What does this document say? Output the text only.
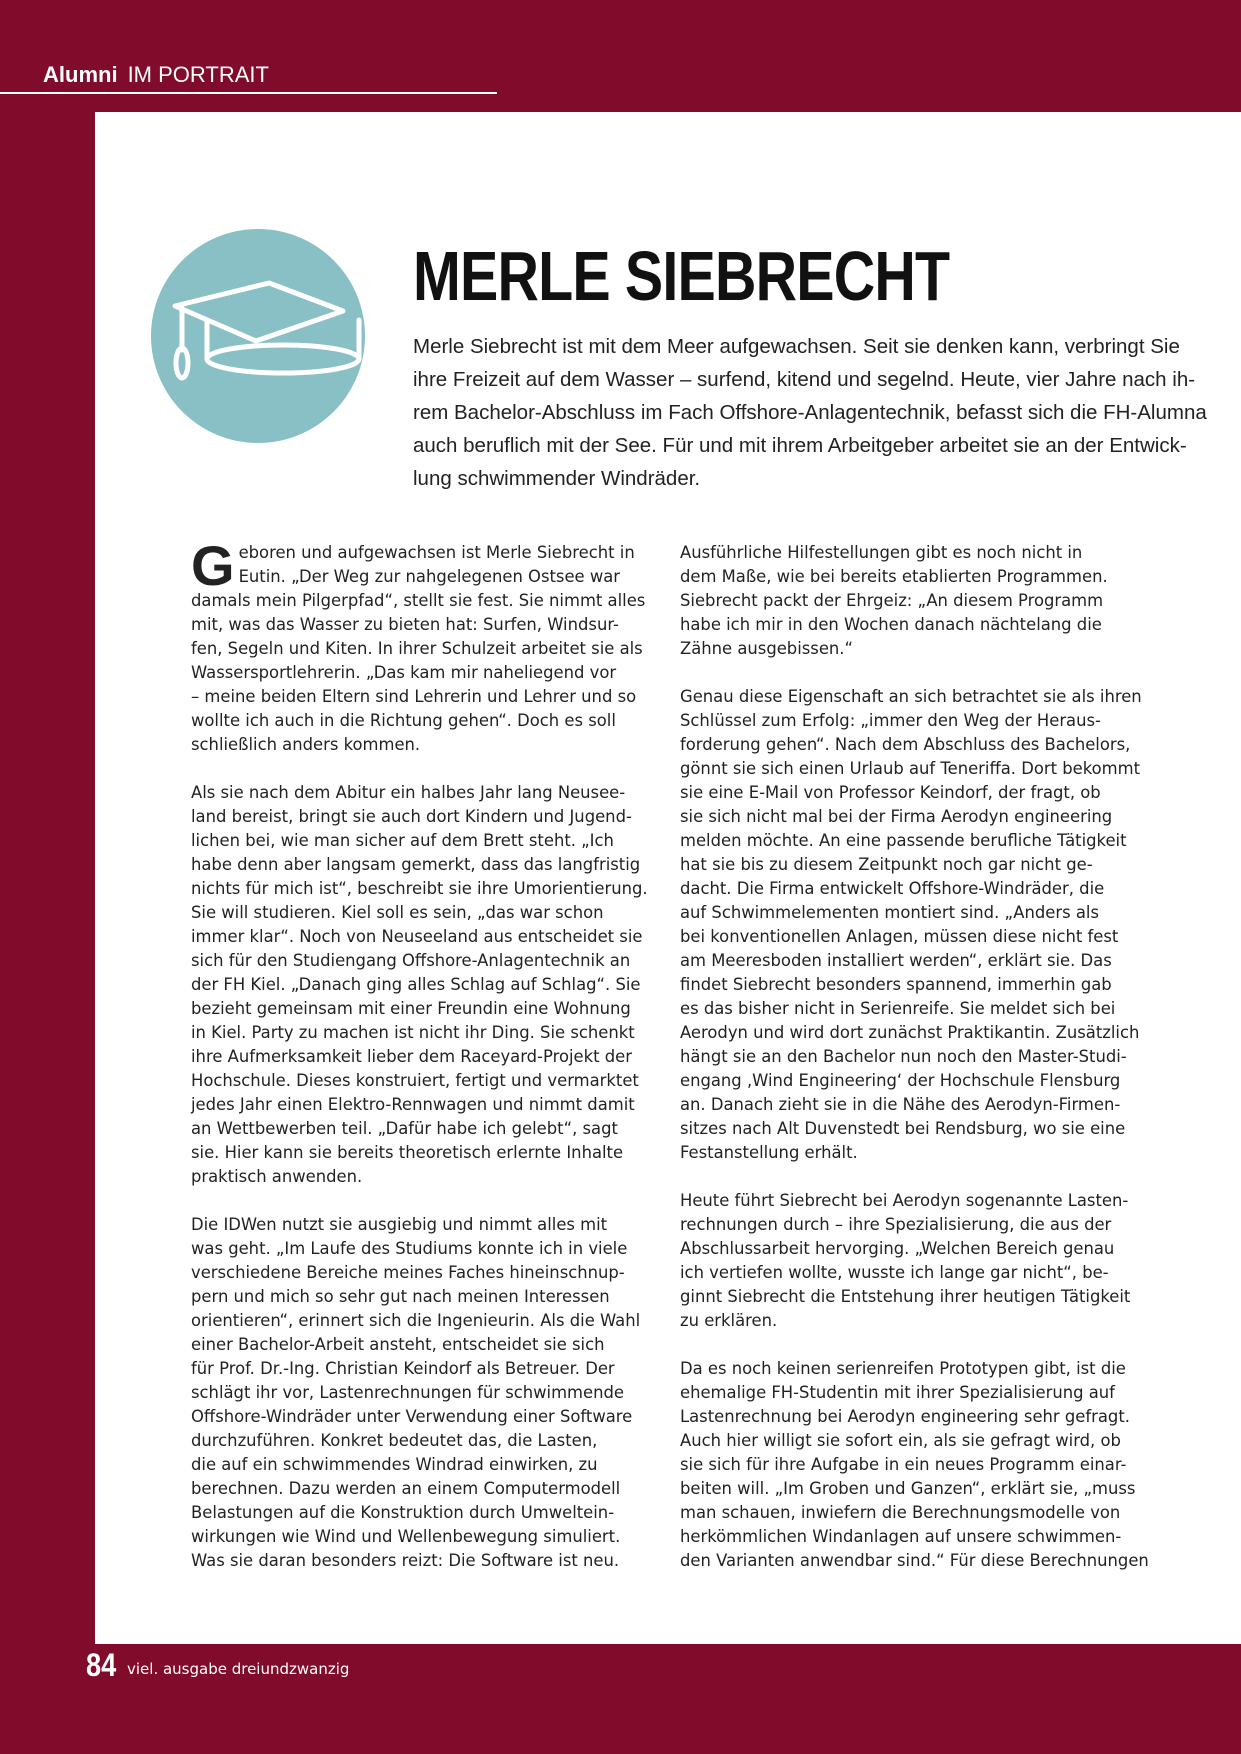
Alumni IM PORTRAIT
MERLE SIEBRECHT

Merle Siebrecht ist mit dem Meer aufgewachsen. Seit sie denken kann, verbringt Sie
ihre Freizeit auf dem Wasser – surfend, kitend und segelnd. Heute, vier Jahre nach ih-
rem Bachelor-Abschluss im Fach Offshore-Anlagentechnik, befasst sich die FH-Alumna
auch beruflich mit der See. Für und mit ihrem Arbeitgeber arbeitet sie an der Entwick-
lung schwimmender Windräder.

G eboren und aufgewachsen ist Merle Siebrecht in
Eutin. „Der Weg zur nahgelegenen Ostsee war
damals mein Pilgerpfad“, stellt sie fest. Sie nimmt alles
mit, was das Wasser zu bieten hat: Surfen, Windsur-
fen, Segeln und Kiten. In ihrer Schulzeit arbeitet sie als
Wassersportlehrerin. „Das kam mir naheliegend vor
– meine beiden Eltern sind Lehrerin und Lehrer und so
wollte ich auch in die Richtung gehen“. Doch es soll
schließlich anders kommen.

Als sie nach dem Abitur ein halbes Jahr lang Neusee-
land bereist, bringt sie auch dort Kindern und Jugend-
lichen bei, wie man sicher auf dem Brett steht. „Ich
habe denn aber langsam gemerkt, dass das langfristig
nichts für mich ist“, beschreibt sie ihre Umorientierung.
Sie will studieren. Kiel soll es sein, „das war schon
immer klar“. Noch von Neuseeland aus entscheidet sie
sich für den Studiengang Offshore-Anlagentechnik an
der FH Kiel. „Danach ging alles Schlag auf Schlag“. Sie
bezieht gemeinsam mit einer Freundin eine Wohnung
in Kiel. Party zu machen ist nicht ihr Ding. Sie schenkt
ihre Aufmerksamkeit lieber dem Raceyard-Projekt der
Hochschule. Dieses konstruiert, fertigt und vermarktet
jedes Jahr einen Elektro-Rennwagen und nimmt damit
an Wettbewerben teil. „Dafür habe ich gelebt“, sagt
sie. Hier kann sie bereits theoretisch erlernte Inhalte
praktisch anwenden.

Die IDWen nutzt sie ausgiebig und nimmt alles mit
was geht. „Im Laufe des Studiums konnte ich in viele
verschiedene Bereiche meines Faches hineinschnup-
pern und mich so sehr gut nach meinen Interessen
orientieren“, erinnert sich die Ingenieurin. Als die Wahl
einer Bachelor-Arbeit ansteht, entscheidet sie sich
für Prof. Dr.-Ing. Christian Keindorf als Betreuer. Der
schlägt ihr vor, Lastenrechnungen für schwimmende
Offshore-Windräder unter Verwendung einer Software
durchzuführen. Konkret bedeutet das, die Lasten,
die auf ein schwimmendes Windrad einwirken, zu
berechnen. Dazu werden an einem Computermodell
Belastungen auf die Konstruktion durch Umweltein-
wirkungen wie Wind und Wellenbewegung simuliert.
Was sie daran besonders reizt: Die Software ist neu.

Ausführliche Hilfestellungen gibt es noch nicht in
dem Maße, wie bei bereits etablierten Programmen.
Siebrecht packt der Ehrgeiz: „An diesem Programm
habe ich mir in den Wochen danach nächtelang die
Zähne ausgebissen.“

Genau diese Eigenschaft an sich betrachtet sie als ihren
Schlüssel zum Erfolg: „immer den Weg der Heraus-
forderung gehen“. Nach dem Abschluss des Bachelors,
gönnt sie sich einen Urlaub auf Teneriffa. Dort bekommt
sie eine E-Mail von Professor Keindorf, der fragt, ob
sie sich nicht mal bei der Firma Aerodyn engineering
melden möchte. An eine passende berufliche Tätigkeit
hat sie bis zu diesem Zeitpunkt noch gar nicht ge-
dacht. Die Firma entwickelt Offshore-Windräder, die
auf Schwimmelementen montiert sind. „Anders als
bei konventionellen Anlagen, müssen diese nicht fest
am Meeresboden installiert werden“, erklärt sie. Das
findet Siebrecht besonders spannend, immerhin gab
es das bisher nicht in Serienreife. Sie meldet sich bei
Aerodyn und wird dort zunächst Praktikantin. Zusätzlich
hängt sie an den Bachelor nun noch den Master-Studi-
engang ‚Wind Engineering‘ der Hochschule Flensburg
an. Danach zieht sie in die Nähe des Aerodyn-Firmen-
sitzes nach Alt Duvenstedt bei Rendsburg, wo sie eine
Festanstellung erhält.

Heute führt Siebrecht bei Aerodyn sogenannte Lasten-
rechnungen durch – ihre Spezialisierung, die aus der
Abschlussarbeit hervorging. „Welchen Bereich genau
ich vertiefen wollte, wusste ich lange gar nicht“, be-
ginnt Siebrecht die Entstehung ihrer heutigen Tätigkeit
zu erklären.

Da es noch keinen serienreifen Prototypen gibt, ist die
ehemalige FH-Studentin mit ihrer Spezialisierung auf
Lastenrechnung bei Aerodyn engineering sehr gefragt.
Auch hier willigt sie sofort ein, als sie gefragt wird, ob
sie sich für ihre Aufgabe in ein neues Programm einar-
beiten will. „Im Groben und Ganzen“, erklärt sie, „muss
man schauen, inwiefern die Berechnungsmodelle von
herkömmlichen Windanlagen auf unsere schwimmen-
den Varianten anwendbar sind.“ Für diese Berechnungen

84 viel. ausgabe dreiundzwanzig
